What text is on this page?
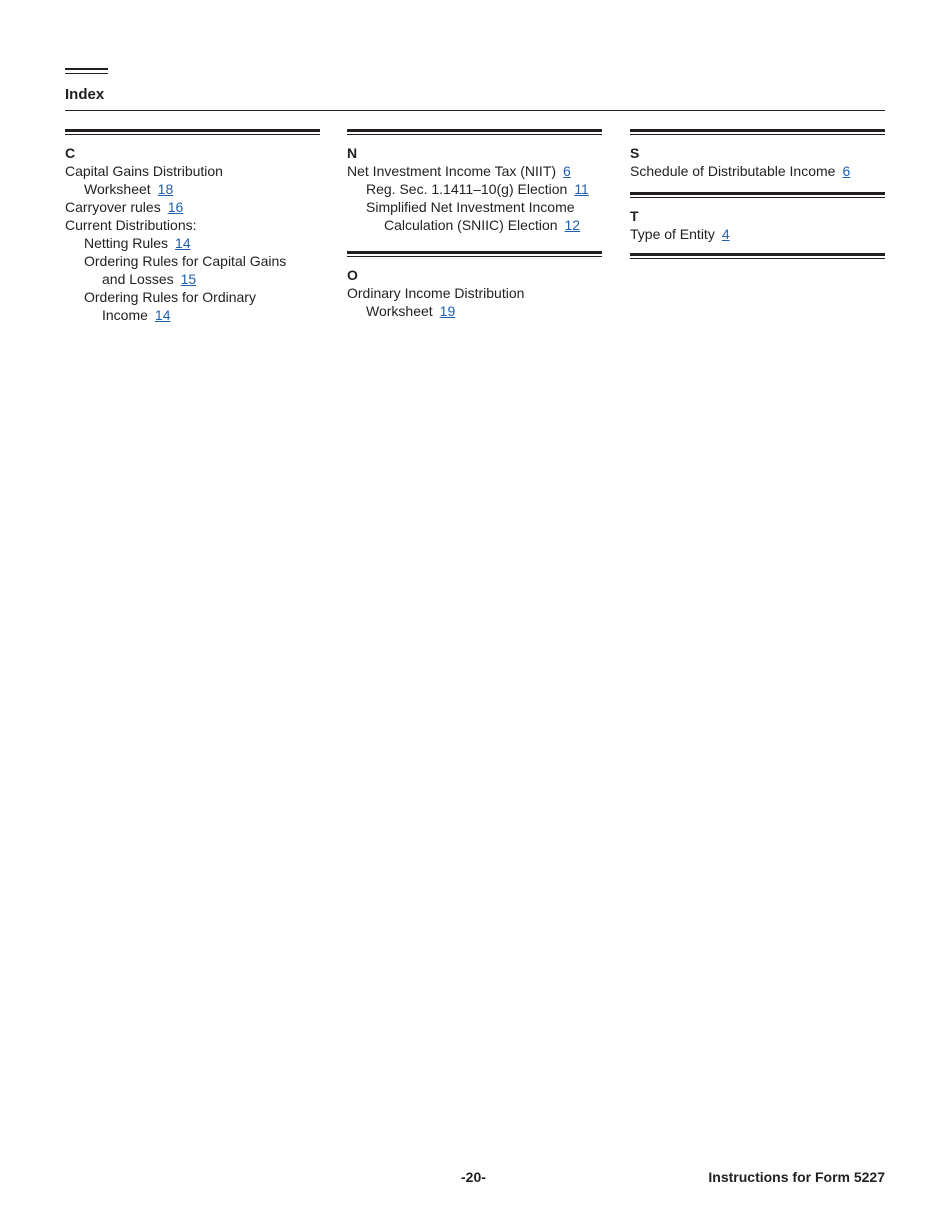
Index
C
Capital Gains Distribution
Worksheet 18
Carryover rules 16
Current Distributions:
Netting Rules 14
Ordering Rules for Capital Gains
and Losses 15
Ordering Rules for Ordinary
Income 14
N
Net Investment Income Tax (NIIT) 6
Reg. Sec. 1.1411–10(g) Election 11
Simplified Net Investment Income
Calculation (SNIIC) Election 12
O
Ordinary Income Distribution
Worksheet 19
S
Schedule of Distributable Income 6
T
Type of Entity 4
-20-	Instructions for Form 5227
